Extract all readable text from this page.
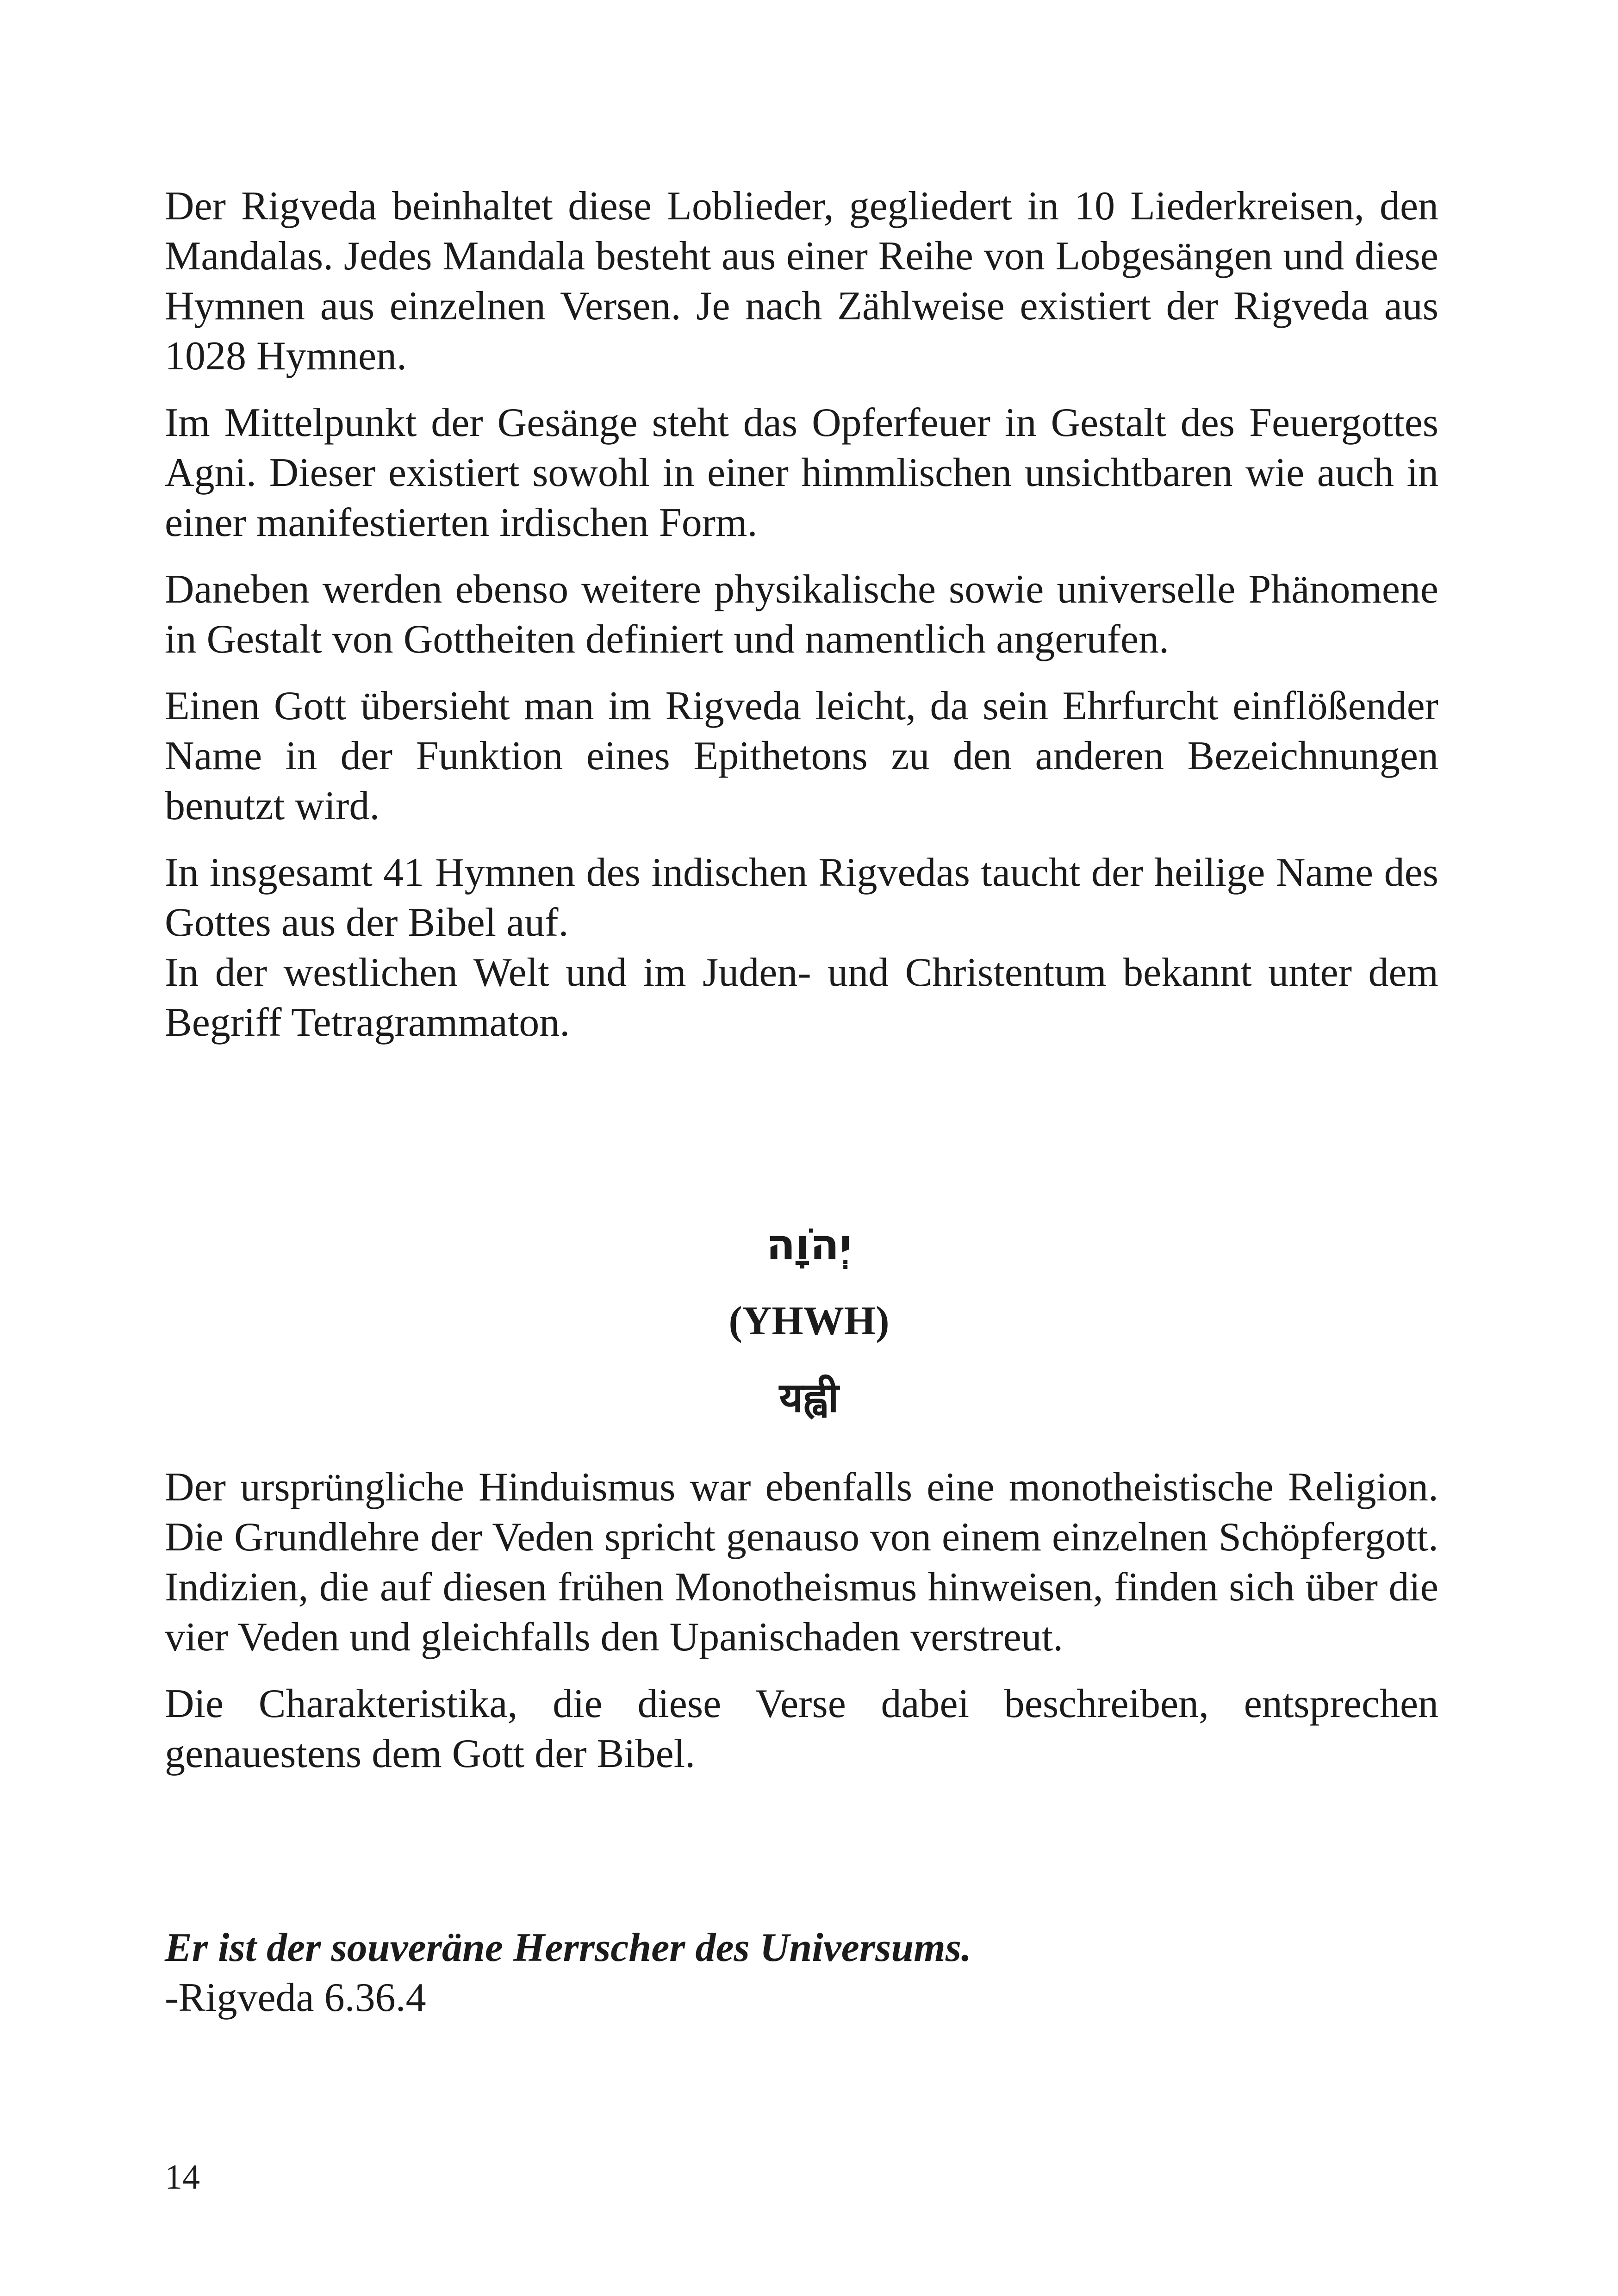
Der Rigveda beinhaltet diese Loblieder, gegliedert in 10 Liederkreisen, den Mandalas. Jedes Mandala besteht aus einer Reihe von Lobgesängen und diese Hymnen aus einzelnen Versen. Je nach Zählweise existiert der Rigveda aus 1028 Hymnen.

Im Mittelpunkt der Gesänge steht das Opferfeuer in Gestalt des Feuergottes Agni. Dieser existiert sowohl in einer himmlischen unsichtbaren wie auch in einer manifestierten irdischen Form.

Daneben werden ebenso weitere physikalische sowie universelle Phänomene in Gestalt von Gottheiten definiert und namentlich angerufen.

Einen Gott übersieht man im Rigveda leicht, da sein Ehrfurcht einflößender Name in der Funktion eines Epithetons zu den anderen Bezeichnungen benutzt wird.

In insgesamt 41 Hymnen des indischen Rigvedas taucht der heilige Name des Gottes aus der Bibel auf.

In der westlichen Welt und im Juden- und Christentum bekannt unter dem Begriff Tetragrammaton.

יְהֹוָה
(YHWH)
यह्वी

Der ursprüngliche Hinduismus war ebenfalls eine monotheistische Religion. Die Grundlehre der Veden spricht genauso von einem einzelnen Schöpfergott. Indizien, die auf diesen frühen Monotheismus hinweisen, finden sich über die vier Veden und gleichfalls den Upanischaden verstreut.

Die Charakteristika, die diese Verse dabei beschreiben, entsprechen genauestens dem Gott der Bibel.

Er ist der souveräne Herrscher des Universums.
-Rigveda 6.36.4
14
